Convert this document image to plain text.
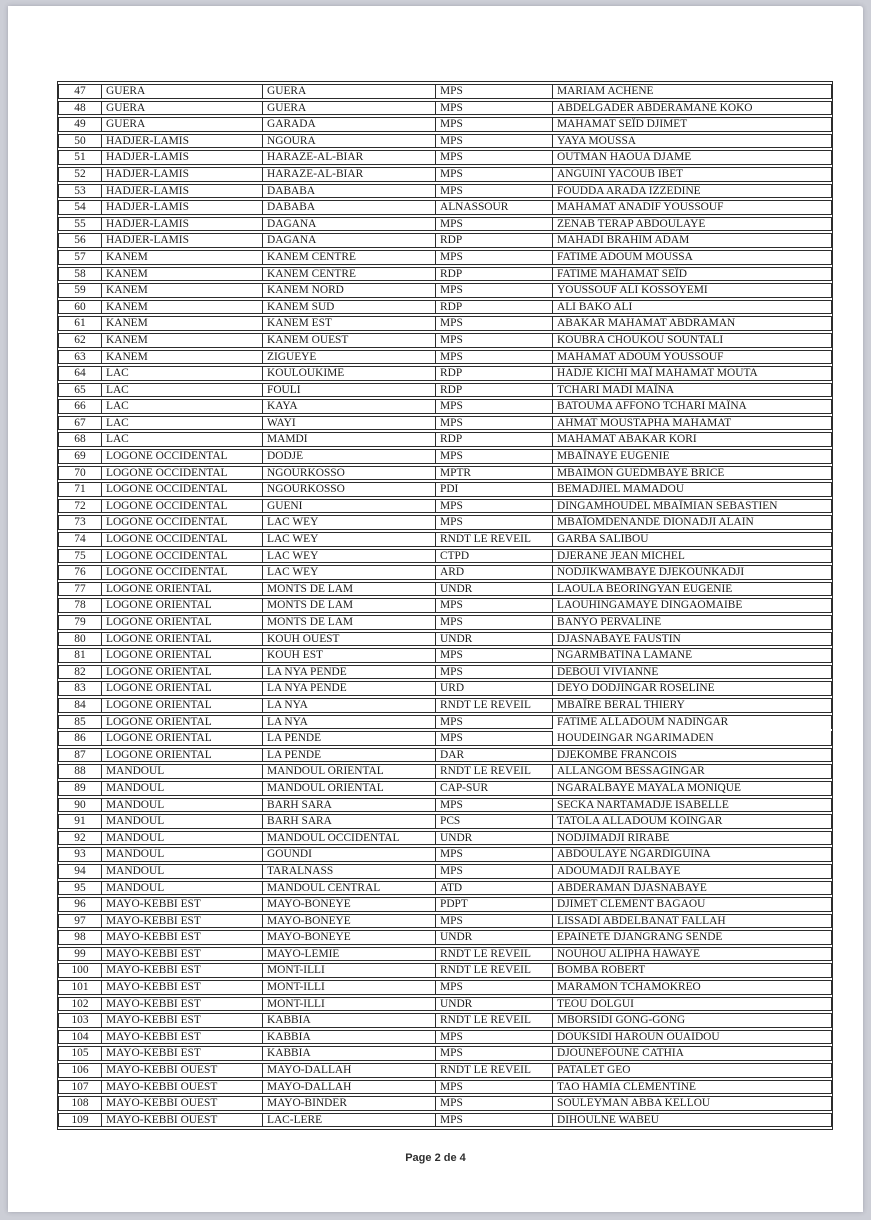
47	GUERA	GUERA	MPS	MARIAM ACHENE
48	GUERA	GUERA	MPS	ABDELGADER ABDERAMANE KOKO
49	GUERA	GARADA	MPS	MAHAMAT SEÏD DJIMET
50	HADJER-LAMIS	NGOURA	MPS	YAYA MOUSSA
51	HADJER-LAMIS	HARAZE-AL-BIAR	MPS	OUTMAN HAOUA DJAME
52	HADJER-LAMIS	HARAZE-AL-BIAR	MPS	ANGUINI YACOUB IBET
53	HADJER-LAMIS	DABABA	MPS	FOUDDA ARADA IZZEDINE
54	HADJER-LAMIS	DABABA	ALNASSOUR	MAHAMAT ANADIF YOUSSOUF
55	HADJER-LAMIS	DAGANA	MPS	ZENAB TERAP ABDOULAYE
56	HADJER-LAMIS	DAGANA	RDP	MAHADI BRAHIM ADAM
57	KANEM	KANEM CENTRE	MPS	FATIME ADOUM MOUSSA
58	KANEM	KANEM CENTRE	RDP	FATIME MAHAMAT SEÏD
59	KANEM	KANEM NORD	MPS	YOUSSOUF ALI KOSSOYEMI
60	KANEM	KANEM SUD	RDP	ALI BAKO ALI
61	KANEM	KANEM EST	MPS	ABAKAR MAHAMAT ABDRAMAN
62	KANEM	KANEM OUEST	MPS	KOUBRA CHOUKOU SOUNTALI
63	KANEM	ZIGUEYE	MPS	MAHAMAT ADOUM YOUSSOUF
64	LAC	KOULOUKIME	RDP	HADJE KICHI MAÏ MAHAMAT MOUTA
65	LAC	FOULI	RDP	TCHARI MADI MAÏNA
66	LAC	KAYA	MPS	BATOUMA AFFONO TCHARI MAÏNA
67	LAC	WAYI	MPS	AHMAT MOUSTAPHA MAHAMAT
68	LAC	MAMDI	RDP	MAHAMAT ABAKAR KORI
69	LOGONE OCCIDENTAL	DODJE	MPS	MBAÏNAYE EUGENIE
70	LOGONE OCCIDENTAL	NGOURKOSSO	MPTR	MBAIMON GUEDMBAYE BRICE
71	LOGONE OCCIDENTAL	NGOURKOSSO	PDI	BEMADJIEL MAMADOU
72	LOGONE OCCIDENTAL	GUENI	MPS	DINGAMHOUDEL MBAÏMIAN SEBASTIEN
73	LOGONE OCCIDENTAL	LAC WEY	MPS	MBAÏOMDENANDE DIONADJI ALAIN
74	LOGONE OCCIDENTAL	LAC WEY	RNDT LE REVEIL	GARBA SALIBOU
75	LOGONE OCCIDENTAL	LAC WEY	CTPD	DJERANE JEAN MICHEL
76	LOGONE OCCIDENTAL	LAC WEY	ARD	NODJIKWAMBAYE DJEKOUNKADJI
77	LOGONE ORIENTAL	MONTS DE LAM	UNDR	LAOULA BEORINGYAN EUGENIE
78	LOGONE ORIENTAL	MONTS DE LAM	MPS	LAOUHINGAMAYE DINGAOMAIBE
79	LOGONE ORIENTAL	MONTS DE LAM	MPS	BANYO PERVALINE
80	LOGONE ORIENTAL	KOUH OUEST	UNDR	DJASNABAYE FAUSTIN
81	LOGONE ORIENTAL	KOUH EST	MPS	NGARMBATINA LAMANE
82	LOGONE ORIENTAL	LA NYA PENDE	MPS	DEBOUI VIVIANNE
83	LOGONE ORIENTAL	LA NYA PENDE	URD	DEYO DODJINGAR ROSELINE
84	LOGONE ORIENTAL	LA NYA	RNDT LE REVEIL	MBAÏRE BERAL THIERY
85	LOGONE ORIENTAL	LA NYA	MPS	FATIME ALLADOUM NADINGAR
86	LOGONE ORIENTAL	LA PENDE	MPS	HOUDEINGAR NGARIMADEN
87	LOGONE ORIENTAL	LA PENDE	DAR	DJEKOMBE FRANCOIS
88	MANDOUL	MANDOUL ORIENTAL	RNDT LE REVEIL	ALLANGOM BESSAGINGAR
89	MANDOUL	MANDOUL ORIENTAL	CAP-SUR	NGARALBAYE MAYALA MONIQUE
90	MANDOUL	BARH SARA	MPS	SECKA NARTAMADJE ISABELLE
91	MANDOUL	BARH SARA	PCS	TATOLA ALLADOUM KOINGAR
92	MANDOUL	MANDOUL OCCIDENTAL	UNDR	NODJIMADJI RIRABE
93	MANDOUL	GOUNDI	MPS	ABDOULAYE NGARDIGUINA
94	MANDOUL	TARALNASS	MPS	ADOUMADJI RALBAYE
95	MANDOUL	MANDOUL CENTRAL	ATD	ABDERAMAN DJASNABAYE
96	MAYO-KEBBI EST	MAYO-BONEYE	PDPT	DJIMET CLEMENT BAGAOU
97	MAYO-KEBBI EST	MAYO-BONEYE	MPS	LISSADI ABDELBANAT FALLAH
98	MAYO-KEBBI EST	MAYO-BONEYE	UNDR	EPAINETE DJANGRANG SENDE
99	MAYO-KEBBI EST	MAYO-LEMIE	RNDT LE REVEIL	NOUHOU ALIPHA HAWAYE
100	MAYO-KEBBI EST	MONT-ILLI	RNDT LE REVEIL	BOMBA ROBERT
101	MAYO-KEBBI EST	MONT-ILLI	MPS	MARAMON TCHAMOKREO
102	MAYO-KEBBI EST	MONT-ILLI	UNDR	TEOU DOLGUI
103	MAYO-KEBBI EST	KABBIA	RNDT LE REVEIL	MBORSIDI GONG-GONG
104	MAYO-KEBBI EST	KABBIA	MPS	DOUKSIDI HAROUN OUAIDOU
105	MAYO-KEBBI EST	KABBIA	MPS	DJOUNEFOUNE CATHIA
106	MAYO-KEBBI OUEST	MAYO-DALLAH	RNDT LE REVEIL	PATALET GEO
107	MAYO-KEBBI OUEST	MAYO-DALLAH	MPS	TAO HAMIA CLEMENTINE
108	MAYO-KEBBI OUEST	MAYO-BINDER	MPS	SOULEYMAN ABBA KELLOU
109	MAYO-KEBBI OUEST	LAC-LERE	MPS	DIHOULNE WABEU
Page 2 de 4
